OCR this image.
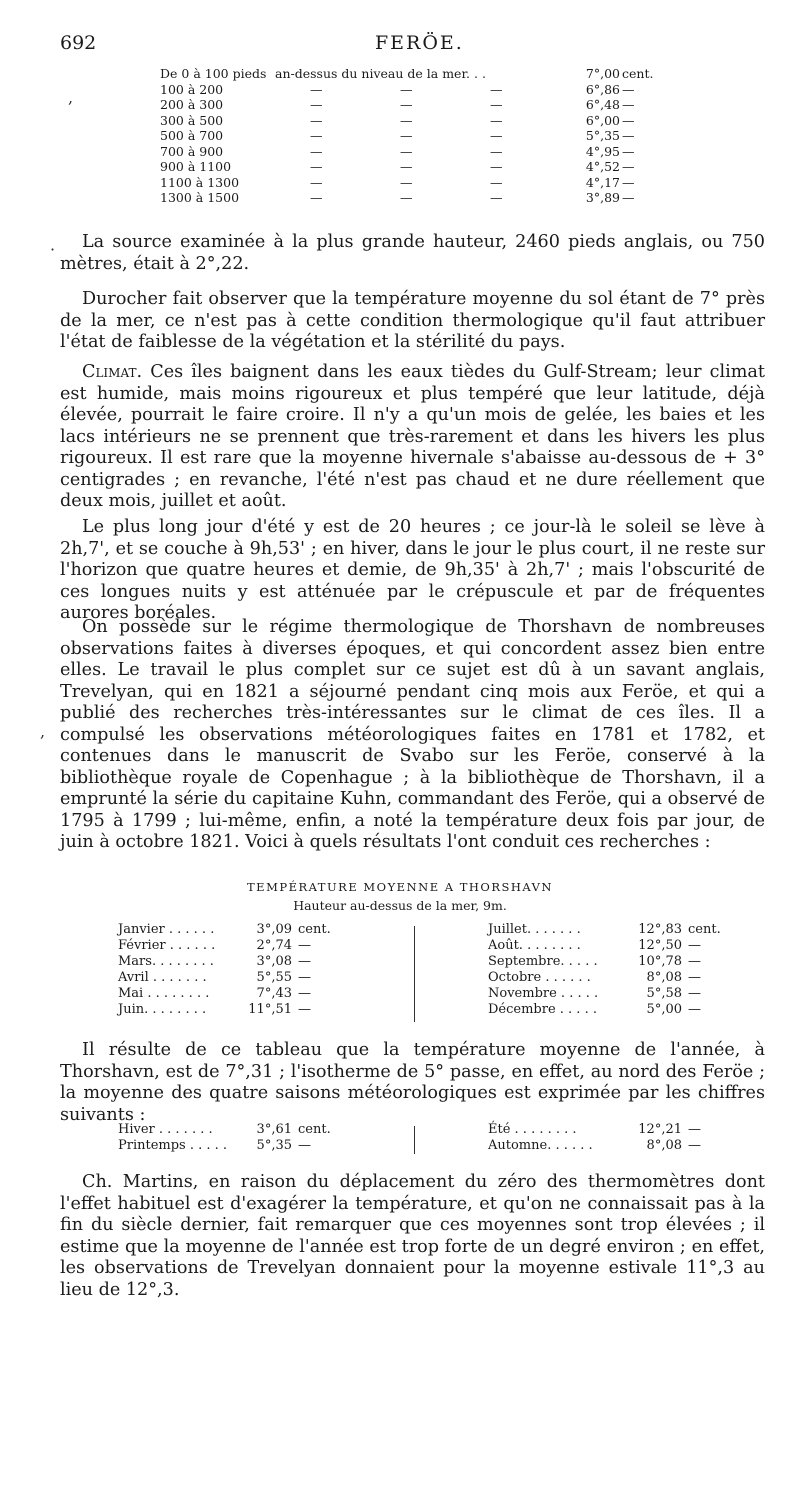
692	FERÖE.
De 0 à 100 pieds an-dessus du niveau de la mer. . .	7°,00 cent.
100 à 200	—	—	—	6°,86 —
200 à 300	—	—	—	6°,48 —
300 à 500	—	—	—	6°,00 —
500 à 700	—	—	—	5°,35 —
700 à 900	—	—	—	4°,95 —
900 à 1100	—	—	—	4°,52 —
1100 à 1300	—	—	—	4°,17 —
1300 à 1500	—	—	—	3°,89 —
,
·
,

La source examinée à la plus grande hauteur, 2460 pieds anglais, ou 750 mètres, était à 2°,22.

Durocher fait observer que la température moyenne du sol étant de 7° près de la mer, ce n'est pas à cette condition thermologique qu'il faut attribuer l'état de faiblesse de la végétation et la stérilité du pays.

Climat. Ces îles baignent dans les eaux tièdes du Gulf-Stream; leur climat est humide, mais moins rigoureux et plus tempéré que leur latitude, déjà élevée, pourrait le faire croire. Il n'y a qu'un mois de gelée, les baies et les lacs intérieurs ne se prennent que très-rarement et dans les hivers les plus rigoureux. Il est rare que la moyenne hivernale s'abaisse au-dessous de + 3° centigrades ; en revanche, l'été n'est pas chaud et ne dure réellement que deux mois, juillet et août.

Le plus long jour d'été y est de 20 heures ; ce jour-là le soleil se lève à 2h,7', et se couche à 9h,53' ; en hiver, dans le jour le plus court, il ne reste sur l'horizon que quatre heures et demie, de 9h,35' à 2h,7' ; mais l'obscurité de ces longues nuits y est atténuée par le crépuscule et par de fréquentes aurores boréales.

On possède sur le régime thermologique de Thorshavn de nombreuses observations faites à diverses époques, et qui concordent assez bien entre elles. Le travail le plus complet sur ce sujet est dû à un savant anglais, Trevelyan, qui en 1821 a séjourné pendant cinq mois aux Feröe, et qui a publié des recherches très-intéressantes sur le climat de ces îles. Il a compulsé les observations météorologiques faites en 1781 et 1782, et contenues dans le manuscrit de Svabo sur les Feröe, conservé à la bibliothèque royale de Copenhague ; à la bibliothèque de Thorshavn, il a emprunté la série du capitaine Kuhn, commandant des Feröe, qui a observé de 1795 à 1799 ; lui-même, enfin, a noté la température deux fois par jour, de juin à octobre 1821. Voici à quels résultats l'ont conduit ces recherches :

TEMPÉRATURE MOYENNE A THORSHAVN
Hauteur au-dessus de la mer, 9m.
Janvier . . . . . .	3°,09 cent.
Février . . . . . .	2°,74 —
Mars. . . . . . . .	3°,08 —
Avril . . . . . . .	5°,55 —
Mai . . . . . . . .	7°,43 —
Juin. . . . . . . .	11°,51 —
Juillet. . . . . . .	12°,83 cent.
Août. . . . . . . .	12°,50 —
Septembre. . . . .	10°,78 —
Octobre . . . . . .	8°,08 —
Novembre . . . . .	5°,58 —
Décembre . . . . .	5°,00 —

Il résulte de ce tableau que la température moyenne de l'année, à Thorshavn, est de 7°,31 ; l'isotherme de 5° passe, en effet, au nord des Feröe ; la moyenne des quatre saisons météorologiques est exprimée par les chiffres suivants :

Hiver . . . . . . .	3°,61 cent.
Printemps . . . . .	5°,35 —
Été . . . . . . . .	12°,21 —
Automne. . . . . .	8°,08 —

Ch. Martins, en raison du déplacement du zéro des thermomètres dont l'effet habituel est d'exagérer la température, et qu'on ne connaissait pas à la fin du siècle dernier, fait remarquer que ces moyennes sont trop élevées ; il estime que la moyenne de l'année est trop forte de un degré environ ; en effet, les observations de Trevelyan donnaient pour la moyenne estivale 11°,3 au lieu de 12°,3.
